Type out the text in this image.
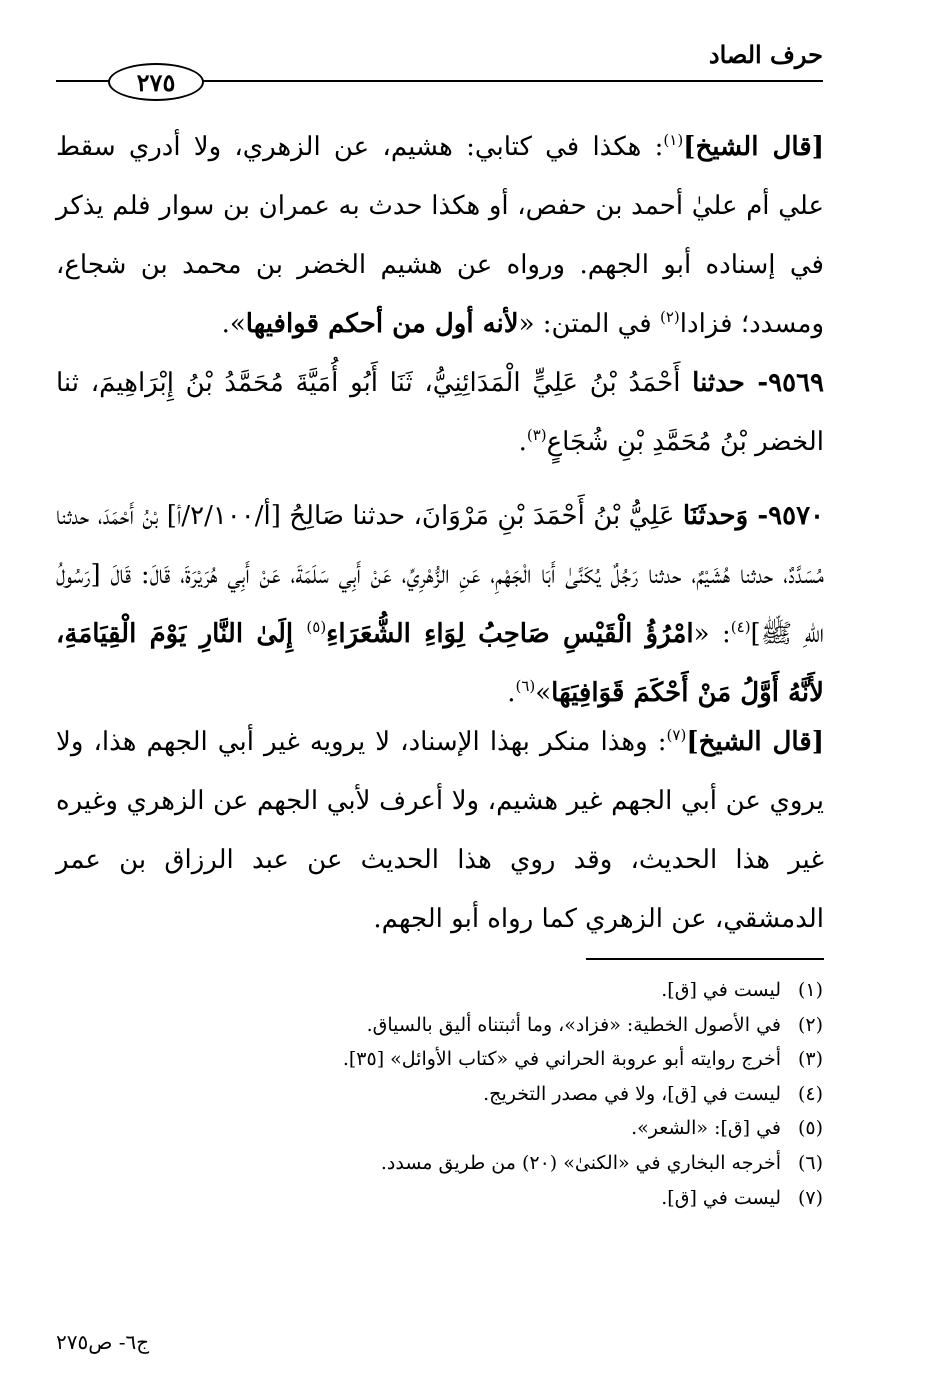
حرف الصاد
٢٧٥

[قال الشيخ]$^{(١)}$: هكذا في كتابي: هشيم، عن الزهري، ولا أدري سقط علي أم عليٰ أحمد بن حفص، أو هكذا حدث به عمران بن سوار فلم يذكر في إسناده أبو الجهم. ورواه عن هشيم الخضر بن محمد بن شجاع، ومسدد؛ فزادا$^{(٢)}$ في المتن: «لأنه أول من أحكم قوافيها».

٩٥٦٩- حدثنا أَحْمَدُ بْنُ عَلِيٍّ الْمَدَائِنِيُّ، ثَنَا أَبُو أُمَيَّةَ مُحَمَّدُ بْنُ إِبْرَاهِيمَ، ثنا الخضر بْنُ مُحَمَّدِ بْنِ شُجَاعٍ$^{(٣)}$.

٩٥٧٠- وَحدثَنَا عَلِيُّ بْنُ أَحْمَدَ بْنِ مَرْوَانَ، حدثنا صَالِحُ [أ/٢/١٠٠/أ] بْنُ أَحْمَدَ، حدثنا مُسَدَّدٌ، حدثنا هُشَيْمٌ، حدثنا رَجُلٌ يُكَنَّىٰ أَبَا الْجَهْمِ، عَنِ الزُّهْرِيِّ، عَنْ أَبِي سَلَمَةَ، عَنْ أَبِي هُرَيْرَةَ، قَالَ: قَالَ [رَسُولُ اللهِ ﷺ]$^{(٤)}$: «امْرُؤُ الْقَيْسِ صَاحِبُ لِوَاءِ الشُّعَرَاءِ$^{(٥)}$ إِلَىٰ النَّارِ يَوْمَ الْقِيَامَةِ، لأَنَّهُ أَوَّلُ مَنْ أَحْكَمَ قَوَافِيَهَا»$^{(٦)}$.

[قال الشيخ]$^{(٧)}$: وهذا منكر بهذا الإسناد، لا يرويه غير أبي الجهم هذا، ولا يروي عن أبي الجهم غير هشيم، ولا أعرف لأبي الجهم عن الزهري وغيره غير هذا الحديث، وقد روي هذا الحديث عن عبد الرزاق بن عمر الدمشقي، عن الزهري كما رواه أبو الجهم.

(١)
ليست في [ق].
(٢)
في الأصول الخطية: «فزاد»، وما أثبتناه أليق بالسياق.
(٣)
أخرج روايته أبو عروبة الحراني في «كتاب الأوائل» [٣٥].
(٤)
ليست في [ق]، ولا في مصدر التخريج.
(٥)
في [ق]: «الشعر».
(٦)
أخرجه البخاري في «الكنىٰ» (٢٠) من طريق مسدد.
(٧)
ليست في [ق].
ج٦- ص٢٧٥
